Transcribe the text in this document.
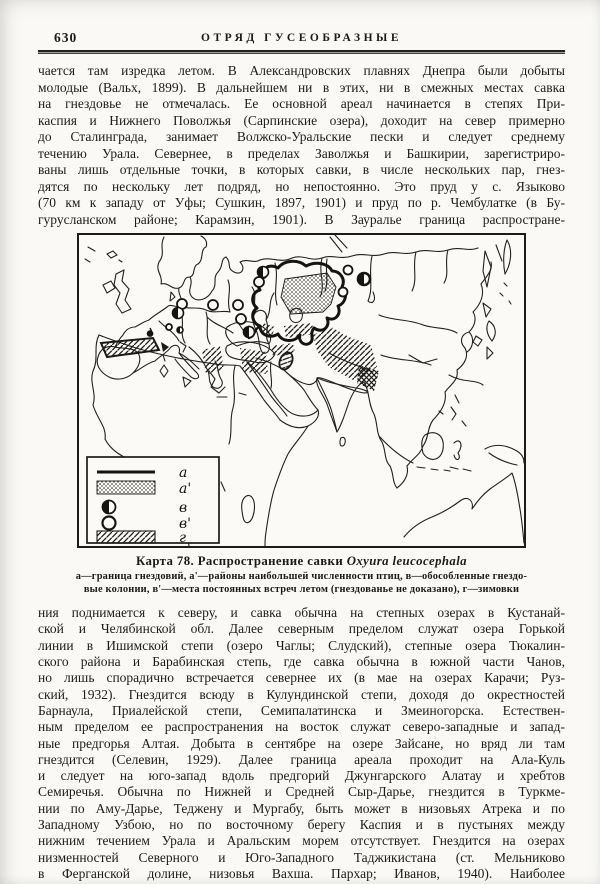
630	ОТРЯД ГУСЕОБРАЗНЫЕ
чается там изредка летом. В Александровских плавнях Днепра были добыты
молодые (Вальх, 1899). В дальнейшем ни в этих, ни в смежных местах савка
на гнездовье не отмечалась. Ее основной ареал начинается в степях При-
каспия и Нижнего Поволжья (Сарпинские озера), доходит на север примерно
до Сталинграда, занимает Волжско-Уральские пески и следует среднему
течению Урала. Севернее, в пределах Заволжья и Башкирии, зарегистриро-
ваны лишь отдельные точки, в которых савки, в числе нескольких пар, гнез-
дятся по нескольку лет подряд, но непостоянно. Это пруд у с. Языково
(70 км к западу от Уфы; Сушкин, 1897, 1901) и пруд по р. Чембулатке (в Бу-
гурусланском районе; Карамзин, 1901). В Зауралье граница распростране-
а
а'
в
в'
г
Карта 78. Распространение савки Oxyura leucocephala
а—граница гнездовий, а'—районы наибольшей численности птиц, в—обособленные гнездо-
вые колонии, в'—места постоянных встреч летом (гнездованье не доказано), г—зимовки
ния поднимается к северу, и савка обычна на степных озерах в Кустанай-
ской и Челябинской обл. Далее северным пределом служат озера Горькой
линии в Ишимской степи (озеро Чаглы; Слудский), степные озера Тюкалин-
ского района и Барабинская степь, где савка обычна в южной части Чанов,
но лишь спорадично встречается севернее их (в мае на озерах Карачи; Руз-
ский, 1932). Гнездится всюду в Кулундинской степи, доходя до окрестностей
Барнаула, Приалейской степи, Семипалатинска и Змеиногорска. Естествен-
ным пределом ее распространения на восток служат северо-западные и запад-
ные предгорья Алтая. Добыта в сентябре на озере Зайсане, но вряд ли там
гнездится (Селевин, 1929). Далее граница ареала проходит на Ала-Куль
и следует на юго-запад вдоль предгорий Джунгарского Алатау и хребтов
Семиречья. Обычна по Нижней и Средней Сыр-Дарье, гнездится в Туркме-
нии по Аму-Дарье, Теджену и Мургабу, быть может в низовьях Атрека и по
Западному Узбою, но по восточному берегу Каспия и в пустынях между
нижним течением Урала и Аральским морем отсутствует. Гнездится на озерах
низменностей Северного и Юго-Западного Таджикистана (ст. Мельниково
в Ферганской долине, низовья Вахша. Пархар; Иванов, 1940). Наиболее
